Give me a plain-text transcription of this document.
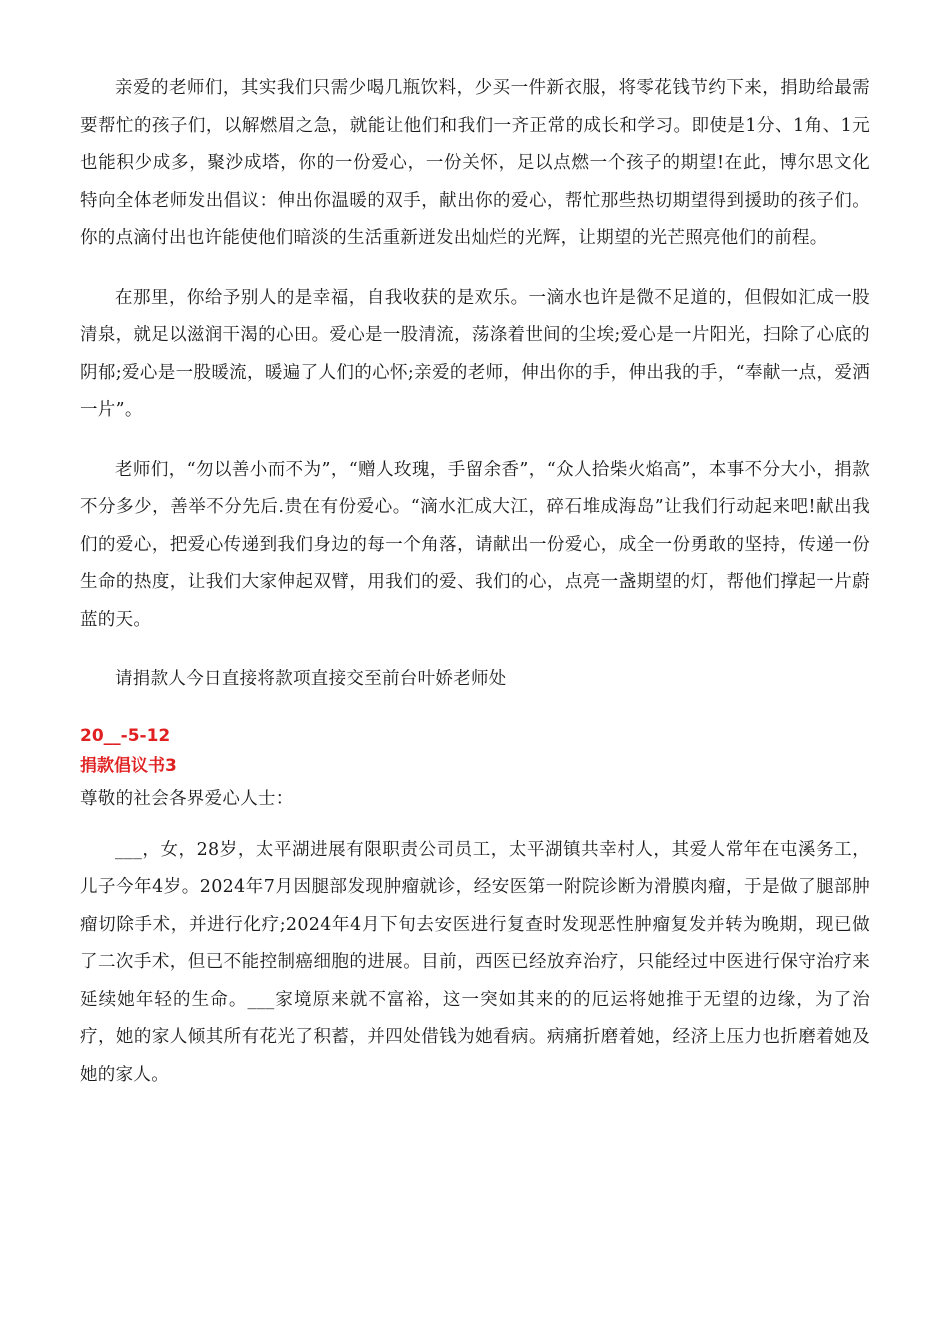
亲爱的老师们，其实我们只需少喝几瓶饮料，少买一件新衣服，将零花钱节约下来，捐助给最需要帮忙的孩子们，以解燃眉之急，就能让他们和我们一齐正常的成长和学习。即使是1分、1角、1元也能积少成多，聚沙成塔，你的一份爱心，一份关怀，足以点燃一个孩子的期望!在此，博尔思文化特向全体老师发出倡议：伸出你温暖的双手，献出你的爱心，帮忙那些热切期望得到援助的孩子们。你的点滴付出也许能使他们暗淡的生活重新迸发出灿烂的光辉，让期望的光芒照亮他们的前程。

在那里，你给予别人的是幸福，自我收获的是欢乐。一滴水也许是微不足道的，但假如汇成一股清泉，就足以滋润干渴的心田。爱心是一股清流，荡涤着世间的尘埃;爱心是一片阳光，扫除了心底的阴郁;爱心是一股暖流，暖遍了人们的心怀;亲爱的老师，伸出你的手，伸出我的手，“奉献一点，爱洒一片”。

老师们，“勿以善小而不为”，“赠人玫瑰，手留余香”，“众人拾柴火焰高”，本事不分大小，捐款不分多少，善举不分先后.贵在有份爱心。“滴水汇成大江，碎石堆成海岛”让我们行动起来吧!献出我们的爱心，把爱心传递到我们身边的每一个角落，请献出一份爱心，成全一份勇敢的坚持，传递一份生命的热度，让我们大家伸起双臂，用我们的爱、我们的心，点亮一盏期望的灯，帮他们撑起一片蔚蓝的天。

请捐款人今日直接将款项直接交至前台叶娇老师处

20__-5-12

捐款倡议书3

尊敬的社会各界爱心人士：

___，女，28岁，太平湖进展有限职责公司员工，太平湖镇共幸村人，其爱人常年在屯溪务工，儿子今年4岁。2024年7月因腿部发现肿瘤就诊，经安医第一附院诊断为滑膜肉瘤，于是做了腿部肿瘤切除手术，并进行化疗;2024年4月下旬去安医进行复查时发现恶性肿瘤复发并转为晚期，现已做了二次手术，但已不能控制癌细胞的进展。目前，西医已经放弃治疗，只能经过中医进行保守治疗来延续她年轻的生命。___家境原来就不富裕，这一突如其来的的厄运将她推于无望的边缘，为了治疗，她的家人倾其所有花光了积蓄，并四处借钱为她看病。病痛折磨着她，经济上压力也折磨着她及她的家人。
